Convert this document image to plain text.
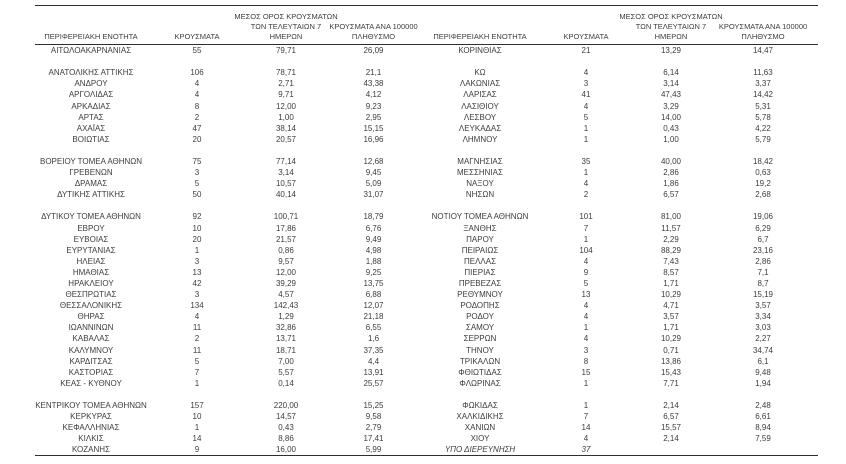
ΠΕΡΙΦΕΡΕΙΑΚΗ ΕΝΟΤΗΤΑ	ΚΡΟΥΣΜΑΤΑ

ΜΕΣΟΣ ΟΡΟΣ ΚΡΟΥΣΜΑΤΩΝ
ΤΩΝ ΤΕΛΕΥΤΑΙΩΝ 7
ΗΜΕΡΩΝ

ΚΡΟΥΣΜΑΤΑ ΑΝΑ 100000
ΠΛΗΘΥΣΜΟ	ΠΕΡΙΦΕΡΕΙΑΚΗ ΕΝΟΤΗΤΑ	ΚΡΟΥΣΜΑΤΑ

ΜΕΣΟΣ ΟΡΟΣ ΚΡΟΥΣΜΑΤΩΝ
ΤΩΝ ΤΕΛΕΥΤΑΙΩΝ 7
ΗΜΕΡΩΝ

ΚΡΟΥΣΜΑΤΑ ΑΝΑ 100000
ΠΛΗΘΥΣΜΟ

ΑΙΤΩΛΟΑΚΑΡΝΑΝΙΑΣ	55	79,71	26,09	ΚΟΡΙΝΘΙΑΣ	21	13,29	14,47

ΑΝΑΤΟΛΙΚΗΣ ΑΤΤΙΚΗΣ	106	78,71	21,1	ΚΩ	4	6,14	11,63

ΑΝΔΡΟΥ	4	2,71	43,38	ΛΑΚΩΝΙΑΣ	3	3,14	3,37

ΑΡΓΟΛΙΔΑΣ	4	9,71	4,12	ΛΑΡΙΣΑΣ	41	47,43	14,42

ΑΡΚΑΔΙΑΣ	8	12,00	9,23	ΛΑΣΙΘΙΟΥ	4	3,29	5,31

ΑΡΤΑΣ	2	1,00	2,95	ΛΕΣΒΟΥ	5	14,00	5,78

ΑΧΑΪΑΣ	47	38,14	15,15	ΛΕΥΚΑΔΑΣ	1	0,43	4,22

ΒΟΙΩΤΙΑΣ	20	20,57	16,96	ΛΗΜΝΟΥ	1	1,00	5,79

ΒΟΡΕΙΟΥ ΤΟΜΕΑ ΑΘΗΝΩΝ	75	77,14	12,68	ΜΑΓΝΗΣΙΑΣ	35	40,00	18,42

ΓΡΕΒΕΝΩΝ	3	3,14	9,45	ΜΕΣΣΗΝΙΑΣ	1	2,86	0,63

ΔΡΑΜΑΣ	5	10,57	5,09	ΝΑΞΟΥ	4	1,86	19,2

ΔΥΤΙΚΗΣ ΑΤΤΙΚΗΣ	50	40,14	31,07	ΝΗΣΩΝ	2	6,57	2,68

ΔΥΤΙΚΟΥ ΤΟΜΕΑ ΑΘΗΝΩΝ	92	100,71	18,79	ΝΟΤΙΟΥ ΤΟΜΕΑ ΑΘΗΝΩΝ	101	81,00	19,06

ΕΒΡΟΥ	10	17,86	6,76	ΞΑΝΘΗΣ	7	11,57	6,29

ΕΥΒΟΙΑΣ	20	21,57	9,49	ΠΑΡΟΥ	1	2,29	6,7

ΕΥΡΥΤΑΝΙΑΣ	1	0,86	4,98	ΠΕΙΡΑΙΩΣ	104	88,29	23,16

ΗΛΕΙΑΣ	3	9,57	1,88	ΠΕΛΛΑΣ	4	7,43	2,86

ΗΜΑΘΙΑΣ	13	12,00	9,25	ΠΙΕΡΙΑΣ	9	8,57	7,1

ΗΡΑΚΛΕΙΟΥ	42	39,29	13,75	ΠΡΕΒΕΖΑΣ	5	1,71	8,7

ΘΕΣΠΡΩΤΙΑΣ	3	4,57	6,88	ΡΕΘΥΜΝΟΥ	13	10,29	15,19

ΘΕΣΣΑΛΟΝΙΚΗΣ	134	142,43	12,07	ΡΟΔΟΠΗΣ	4	4,71	3,57

ΘΗΡΑΣ	4	1,29	21,18	ΡΟΔΟΥ	4	3,57	3,34

ΙΩΑΝΝΙΝΩΝ	11	32,86	6,55	ΣΑΜΟΥ	1	1,71	3,03

ΚΑΒΑΛΑΣ	2	13,71	1,6	ΣΕΡΡΩΝ	4	10,29	2,27

ΚΑΛΥΜΝΟΥ	11	18,71	37,35	ΤΗΝΟΥ	3	0,71	34,74

ΚΑΡΔΙΤΣΑΣ	5	7,00	4,4	ΤΡΙΚΑΛΩΝ	8	13,86	6,1

ΚΑΣΤΟΡΙΑΣ	7	5,57	13,91	ΦΘΙΩΤΙΔΑΣ	15	15,43	9,48

ΚΕΑΣ - ΚΥΘΝΟΥ	1	0,14	25,57	ΦΛΩΡΙΝΑΣ	1	7,71	1,94

ΚΕΝΤΡΙΚΟΥ ΤΟΜΕΑ ΑΘΗΝΩΝ	157	220,00	15,25	ΦΩΚΙΔΑΣ	1	2,14	2,48

ΚΕΡΚΥΡΑΣ	10	14,57	9,58	ΧΑΛΚΙΔΙΚΗΣ	7	6,57	6,61

ΚΕΦΑΛΛΗΝΙΑΣ	1	0,43	2,79	ΧΑΝΙΩΝ	14	15,57	8,94

ΚΙΛΚΙΣ	14	8,86	17,41	ΧΙΟΥ	4	2,14	7,59

ΚΟΖΑΝΗΣ	9	16,00	5,99	ΥΠΟ ΔΙΕΡΕΥΝΗΣΗ	37		
